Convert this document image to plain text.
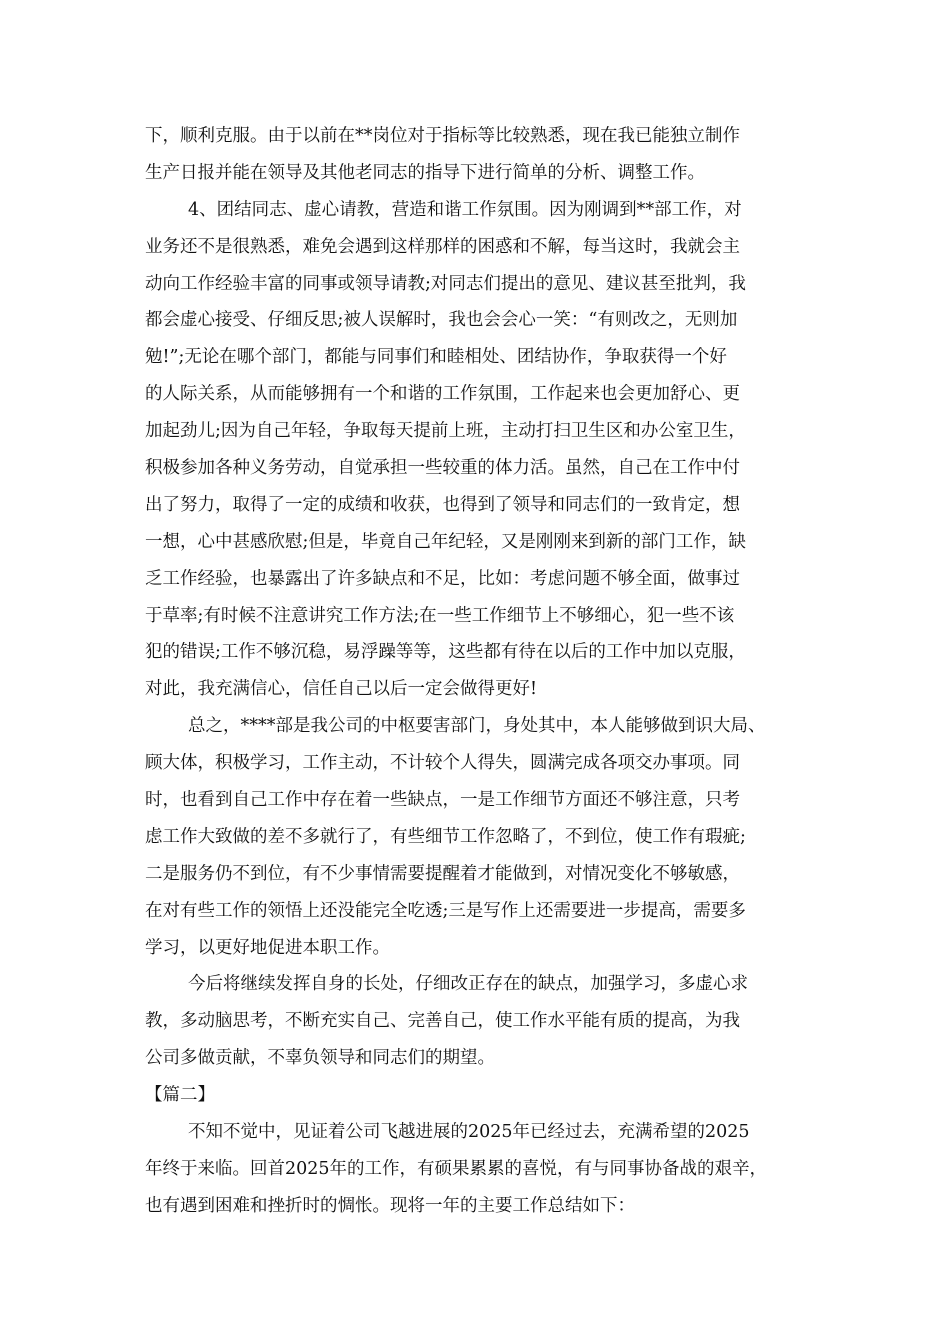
下，顺利克服。由于以前在**岗位对于指标等比较熟悉，现在我已能独立制作
生产日报并能在领导及其他老同志的指导下进行简单的分析、调整工作。
4、团结同志、虚心请教，营造和谐工作氛围。因为刚调到**部工作，对
业务还不是很熟悉，难免会遇到这样那样的困惑和不解，每当这时，我就会主
动向工作经验丰富的同事或领导请教;对同志们提出的意见、建议甚至批判，我
都会虚心接受、仔细反思;被人误解时，我也会会心一笑：“有则改之，无则加
勉!”;无论在哪个部门，都能与同事们和睦相处、团结协作，争取获得一个好
的人际关系，从而能够拥有一个和谐的工作氛围，工作起来也会更加舒心、更
加起劲儿;因为自己年轻，争取每天提前上班，主动打扫卫生区和办公室卫生，
积极参加各种义务劳动，自觉承担一些较重的体力活。虽然，自己在工作中付
出了努力，取得了一定的成绩和收获，也得到了领导和同志们的一致肯定，想
一想，心中甚感欣慰;但是，毕竟自己年纪轻，又是刚刚来到新的部门工作，缺
乏工作经验，也暴露出了许多缺点和不足，比如：考虑问题不够全面，做事过
于草率;有时候不注意讲究工作方法;在一些工作细节上不够细心，犯一些不该
犯的错误;工作不够沉稳，易浮躁等等，这些都有待在以后的工作中加以克服，
对此，我充满信心，信任自己以后一定会做得更好!
总之，****部是我公司的中枢要害部门，身处其中，本人能够做到识大局、
顾大体，积极学习，工作主动，不计较个人得失，圆满完成各项交办事项。同
时，也看到自己工作中存在着一些缺点，一是工作细节方面还不够注意，只考
虑工作大致做的差不多就行了，有些细节工作忽略了，不到位，使工作有瑕疵;
二是服务仍不到位，有不少事情需要提醒着才能做到，对情况变化不够敏感，
在对有些工作的领悟上还没能完全吃透;三是写作上还需要进一步提高，需要多
学习，以更好地促进本职工作。
今后将继续发挥自身的长处，仔细改正存在的缺点，加强学习，多虚心求
教，多动脑思考，不断充实自己、完善自己，使工作水平能有质的提高，为我
公司多做贡献，不辜负领导和同志们的期望。
【篇二】
不知不觉中，见证着公司飞越进展的2025年已经过去，充满希望的2025
年终于来临。回首2025年的工作，有硕果累累的喜悦，有与同事协备战的艰辛，
也有遇到困难和挫折时的惆怅。现将一年的主要工作总结如下：
